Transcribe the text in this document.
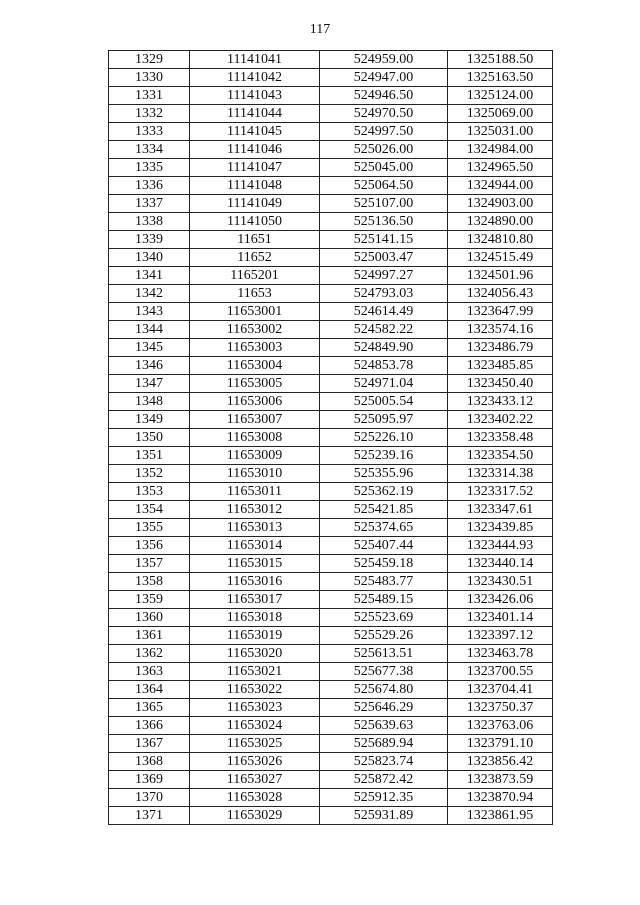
117
1329	11141041	524959.00	1325188.50
1330	11141042	524947.00	1325163.50
1331	11141043	524946.50	1325124.00
1332	11141044	524970.50	1325069.00
1333	11141045	524997.50	1325031.00
1334	11141046	525026.00	1324984.00
1335	11141047	525045.00	1324965.50
1336	11141048	525064.50	1324944.00
1337	11141049	525107.00	1324903.00
1338	11141050	525136.50	1324890.00
1339	11651	525141.15	1324810.80
1340	11652	525003.47	1324515.49
1341	1165201	524997.27	1324501.96
1342	11653	524793.03	1324056.43
1343	11653001	524614.49	1323647.99
1344	11653002	524582.22	1323574.16
1345	11653003	524849.90	1323486.79
1346	11653004	524853.78	1323485.85
1347	11653005	524971.04	1323450.40
1348	11653006	525005.54	1323433.12
1349	11653007	525095.97	1323402.22
1350	11653008	525226.10	1323358.48
1351	11653009	525239.16	1323354.50
1352	11653010	525355.96	1323314.38
1353	11653011	525362.19	1323317.52
1354	11653012	525421.85	1323347.61
1355	11653013	525374.65	1323439.85
1356	11653014	525407.44	1323444.93
1357	11653015	525459.18	1323440.14
1358	11653016	525483.77	1323430.51
1359	11653017	525489.15	1323426.06
1360	11653018	525523.69	1323401.14
1361	11653019	525529.26	1323397.12
1362	11653020	525613.51	1323463.78
1363	11653021	525677.38	1323700.55
1364	11653022	525674.80	1323704.41
1365	11653023	525646.29	1323750.37
1366	11653024	525639.63	1323763.06
1367	11653025	525689.94	1323791.10
1368	11653026	525823.74	1323856.42
1369	11653027	525872.42	1323873.59
1370	11653028	525912.35	1323870.94
1371	11653029	525931.89	1323861.95
